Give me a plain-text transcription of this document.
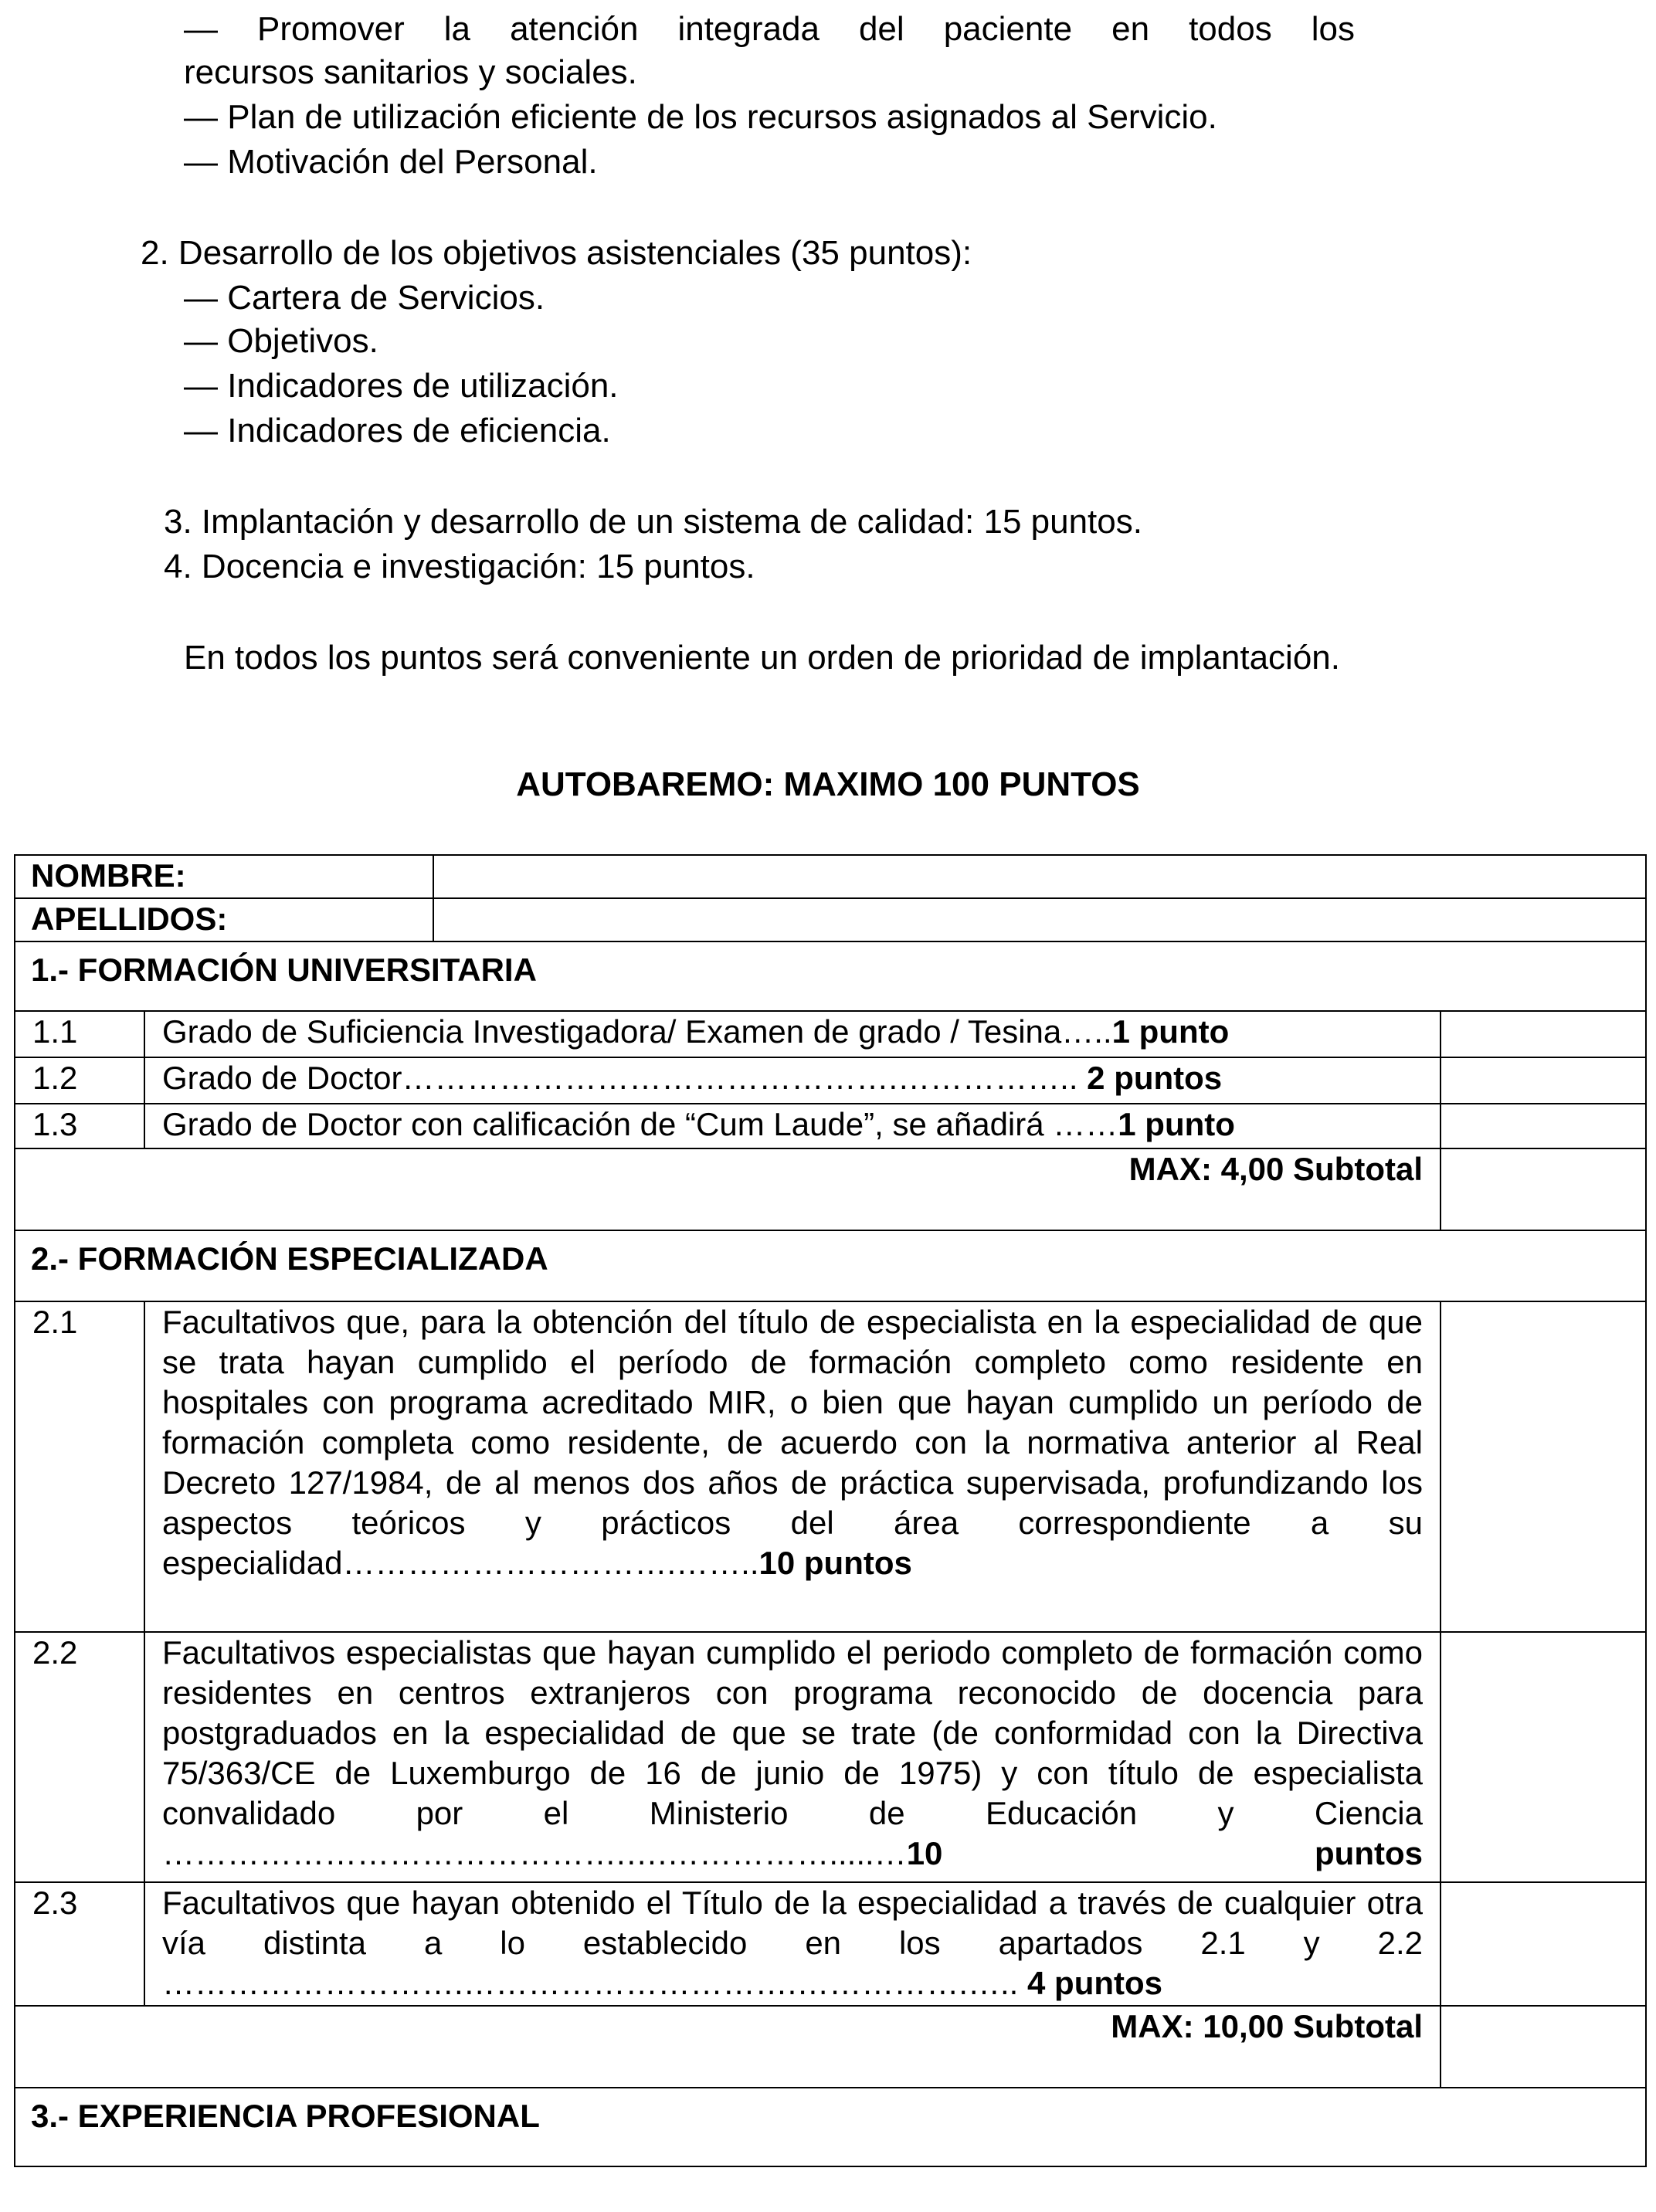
— Promover la atención integrada del paciente en todos los
recursos sanitarios y sociales.
— Plan de utilización eficiente de los recursos asignados al Servicio.
— Motivación del Personal.
2. Desarrollo de los objetivos asistenciales (35 puntos):
— Cartera de Servicios.
— Objetivos.
— Indicadores de utilización.
— Indicadores de eficiencia.
3. Implantación y desarrollo de un sistema de calidad: 15 puntos.
4. Docencia e investigación: 15 puntos.
En todos los puntos será conveniente un orden de prioridad de implantación.
AUTOBAREMO: MAXIMO 100 PUNTOS
NOMBRE:			
APELLIDOS:			
1.- FORMACIÓN UNIVERSITARIA			
1.1	Grado de Suficiencia Investigadora/ Examen de grado / Tesina…..1 punto		
1.2	Grado de Doctor……………………………………….…………….. 2 puntos		
1.3	Grado de Doctor con calificación de “Cum Laude”, se añadirá ……1 punto		
MAX: 4,00 Subtotal			
2.- FORMACIÓN ESPECIALIZADA			
2.1	Facultativos que, para la obtención del título de especialista en la especialidad de que se trata hayan cumplido el período de formación completo como residente en hospitales con programa acreditado MIR, o bien que hayan cumplido un período de formación completa como residente, de acuerdo con la normativa anterior al Real Decreto 127/1984, de al menos dos años de práctica supervisada, profundizando los aspectos teóricos y prácticos del área correspondiente a su especialidad………………………….……..10 puntos		
2.2	Facultativos especialistas que hayan cumplido el periodo completo de formación como residentes en centros extranjeros con programa reconocido de docencia para postgraduados en la especialidad de que se trate (de conformidad con la Directiva 75/363/CE de Luxemburgo de 16 de junio de 1975) y con título de especialista convalidado por el Ministerio de Educación y Ciencia …………………………………….….…………….....…10 puntos		
2.3	Facultativos que hayan obtenido el Título de la especialidad a través de cualquier otra vía distinta a lo establecido en los apartados 2.1 y 2.2 ……………………….………………………….…………….….. 4 puntos		
MAX: 10,00 Subtotal			
3.- EXPERIENCIA PROFESIONAL			
